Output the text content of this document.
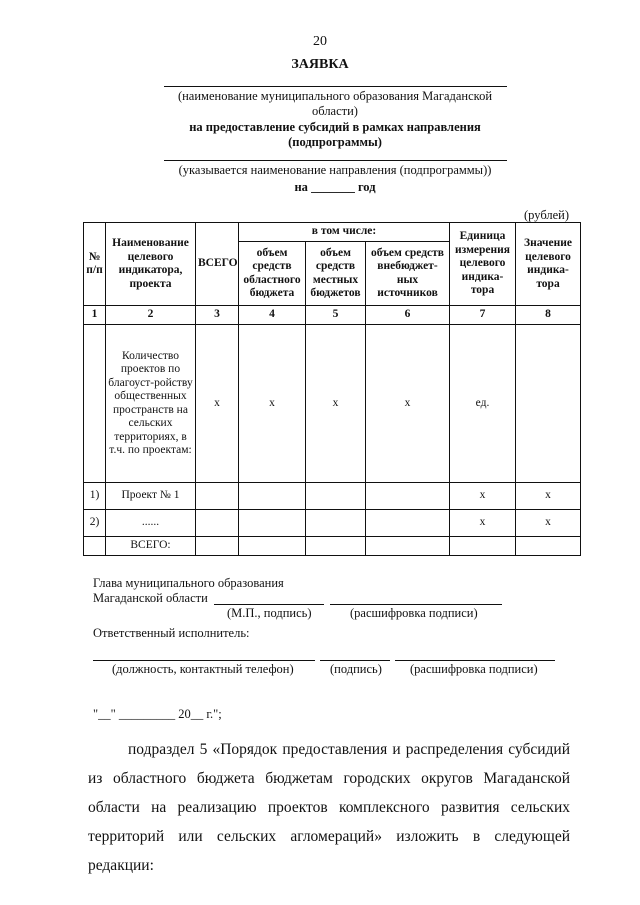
20
ЗАЯВКА
(наименование муниципального образования Магаданской
области)
на предоставление субсидий в рамках направления
(подпрограммы)
(указывается наименование направления (подпрограммы))
на _______ год
(рублей)
№ п/п	Наименование целевого индикатора, проекта	ВСЕГО	в том числе:			Единица измерения целевого индика-тора	Значение целевого индика-тора
			объем средств областного бюджета	объем средств местных бюджетов	объем средств внебюджет-ных источников		
1	2	3	4	5	6	7	8
	Количество проектов по благоуст-ройству общественных пространств на сельских территориях, в т.ч. по проектам:	x	x	x	x	ед.	
1)	Проект № 1					x	x
2)	......					x	x
	ВСЕГО:						
Глава муниципального образования
Магаданской области
(М.П., подпись)	(расшифровка подписи)
Ответственный исполнитель:
(должность, контактный телефон)	(подпись) (расшифровка подписи)
"__" _________ 20__ г.";
подраздел 5 «Порядок предоставления и распределения субсидий из областного бюджета бюджетам городских округов Магаданской области на реализацию проектов комплексного развития сельских территорий или сельских агломераций» изложить в следующей редакции:
